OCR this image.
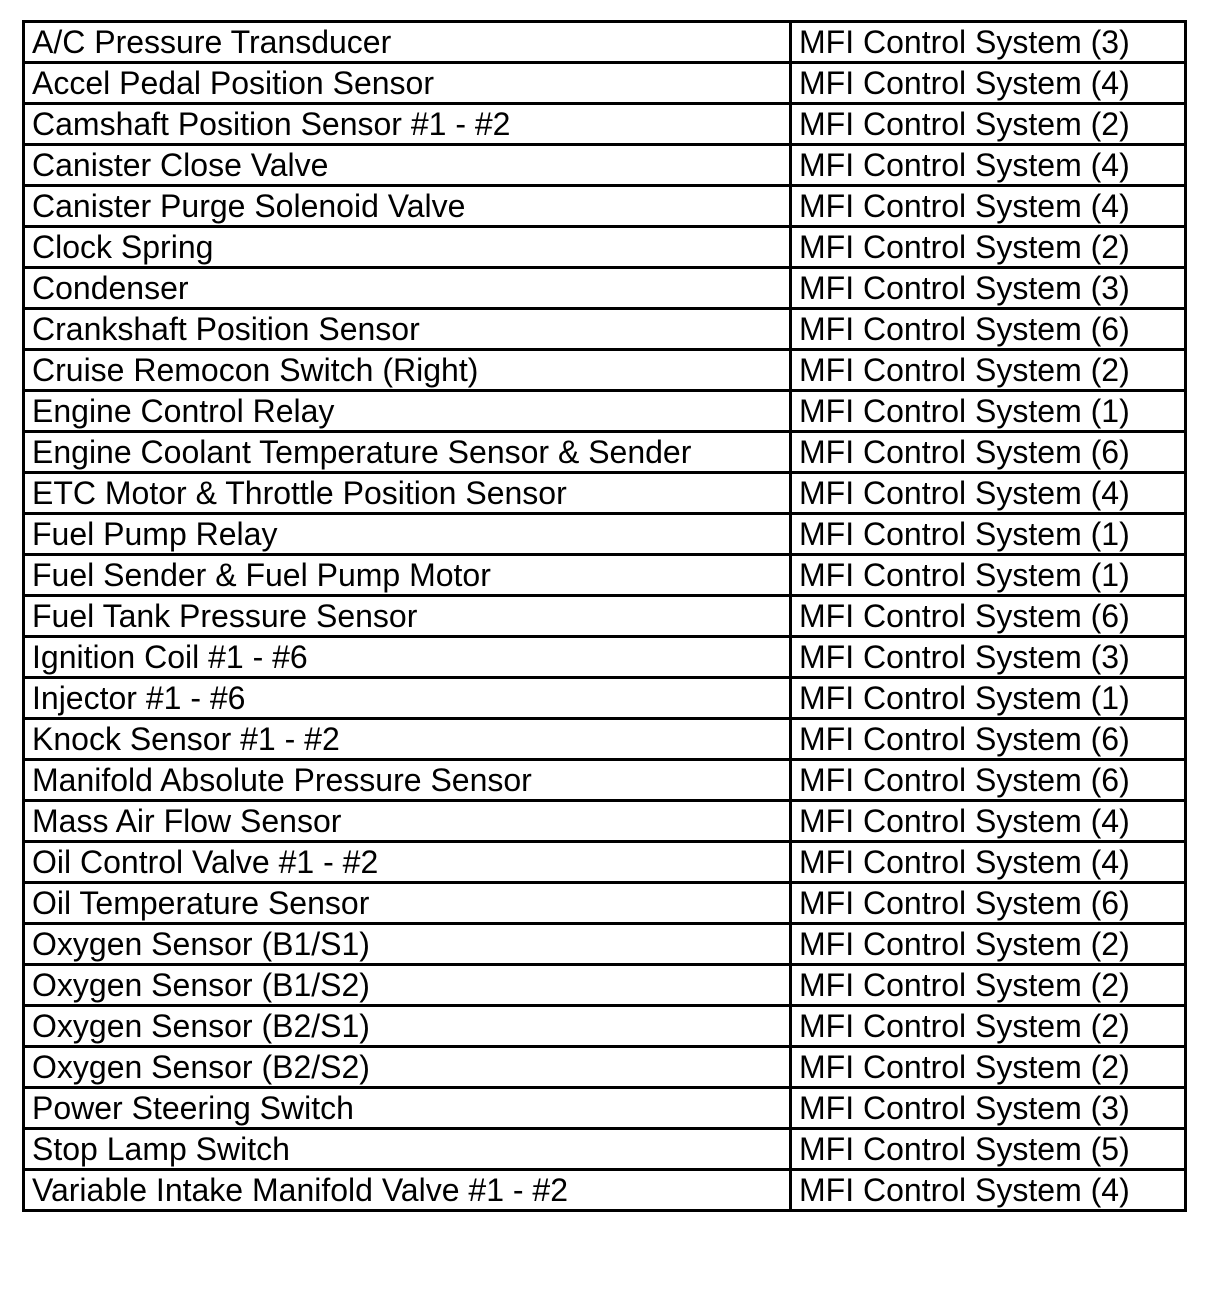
A/C Pressure Transducer	MFI Control System (3)
Accel Pedal Position Sensor	MFI Control System (4)
Camshaft Position Sensor #1 - #2	MFI Control System (2)
Canister Close Valve	MFI Control System (4)
Canister Purge Solenoid Valve	MFI Control System (4)
Clock Spring	MFI Control System (2)
Condenser	MFI Control System (3)
Crankshaft Position Sensor	MFI Control System (6)
Cruise Remocon Switch (Right)	MFI Control System (2)
Engine Control Relay	MFI Control System (1)
Engine Coolant Temperature Sensor & Sender	MFI Control System (6)
ETC Motor & Throttle Position Sensor	MFI Control System (4)
Fuel Pump Relay	MFI Control System (1)
Fuel Sender & Fuel Pump Motor	MFI Control System (1)
Fuel Tank Pressure Sensor	MFI Control System (6)
Ignition Coil #1 - #6	MFI Control System (3)
Injector #1 - #6	MFI Control System (1)
Knock Sensor #1 - #2	MFI Control System (6)
Manifold Absolute Pressure Sensor	MFI Control System (6)
Mass Air Flow Sensor	MFI Control System (4)
Oil Control Valve #1 - #2	MFI Control System (4)
Oil Temperature Sensor	MFI Control System (6)
Oxygen Sensor (B1/S1)	MFI Control System (2)
Oxygen Sensor (B1/S2)	MFI Control System (2)
Oxygen Sensor (B2/S1)	MFI Control System (2)
Oxygen Sensor (B2/S2)	MFI Control System (2)
Power Steering Switch	MFI Control System (3)
Stop Lamp Switch	MFI Control System (5)
Variable Intake Manifold Valve #1 - #2	MFI Control System (4)
